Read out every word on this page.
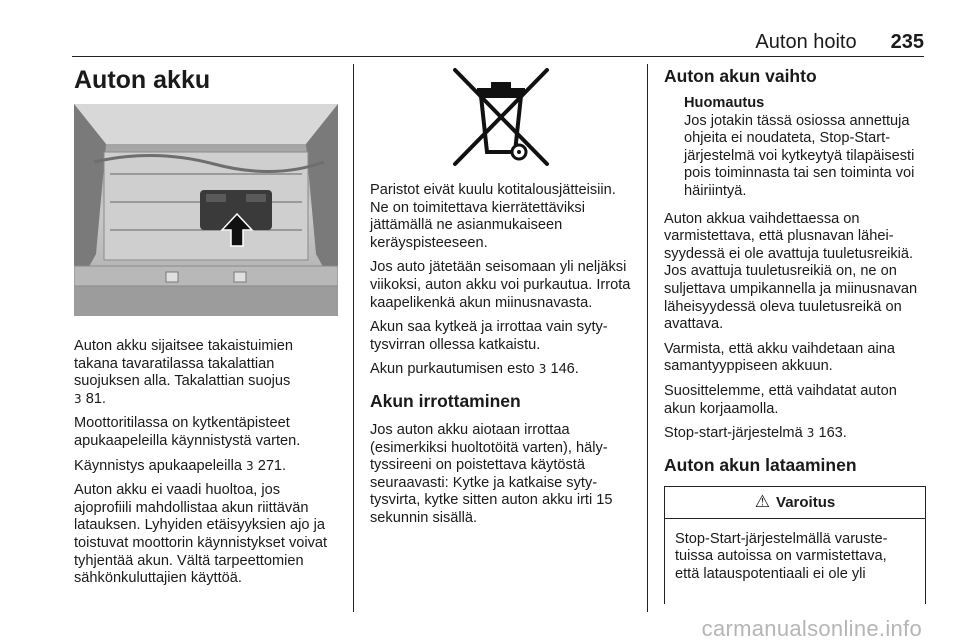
Auton hoito 235
Auton akku

Auton akku sijaitsee takaistuimien takana tavaratilassa takalattian suojuksen alla. Takalattian suojus
3 81.

Moottoritilassa on kytkentäpisteet apukaapeleilla käynnistystä varten.

Käynnistys apukaapeleilla 3 271.

Auton akku ei vaadi huoltoa, jos ajoprofiili mahdollistaa akun riittävän latauksen. Lyhyiden etäisyyksien ajo ja toistuvat moottorin käynnistykset voivat tyhjentää akun. Vältä tarpeettomien sähkönkuluttajien käyttöä.

Paristot eivät kuulu kotitalousjätteisiin. Ne on toimitettava kierrätettäviksi jättämällä ne asianmukaiseen keräyspisteeseen.

Jos auto jätetään seisomaan yli neljäksi viikoksi, auton akku voi purkautua. Irrota kaapelikenkä akun miinusnavasta.

Akun saa kytkeä ja irrottaa vain sytytysvirran ollessa katkaistu.

Akun purkautumisen esto 3 146.

Akun irrottaminen

Jos auton akku aiotaan irrottaa (esimerkiksi huoltotöitä varten), hälytyssireeni on poistettava käytöstä seuraavasti: Kytke ja katkaise sytytysvirta, kytke sitten auton akku irti 15 sekunnin sisällä.

Auton akun vaihto
Huomautus

Jos jotakin tässä osiossa annettuja ohjeita ei noudateta, Stop-Start-järjestelmä voi kytkeytyä tilapäisesti pois toiminnasta tai sen toiminta voi häiriintyä.

Auton akkua vaihdettaessa on varmistettava, että plusnavan läheisyydessä ei ole avattuja tuuletusreikiä. Jos avattuja tuuletusreikiä on, ne on suljettava umpikannella ja miinusnavan läheisyydessä oleva tuuletusreikä on avattava.

Varmista, että akku vaihdetaan aina samantyyppiseen akkuun.

Suosittelemme, että vaihdatat auton akun korjaamolla.

Stop-start-järjestelmä 3 163.

Auton akun lataaminen
⚠ Varoitus

Stop-Start-järjestelmällä varustetuissa autoissa on varmistettava, että latauspotentiaali ei ole yli

carmanualsonline.info
